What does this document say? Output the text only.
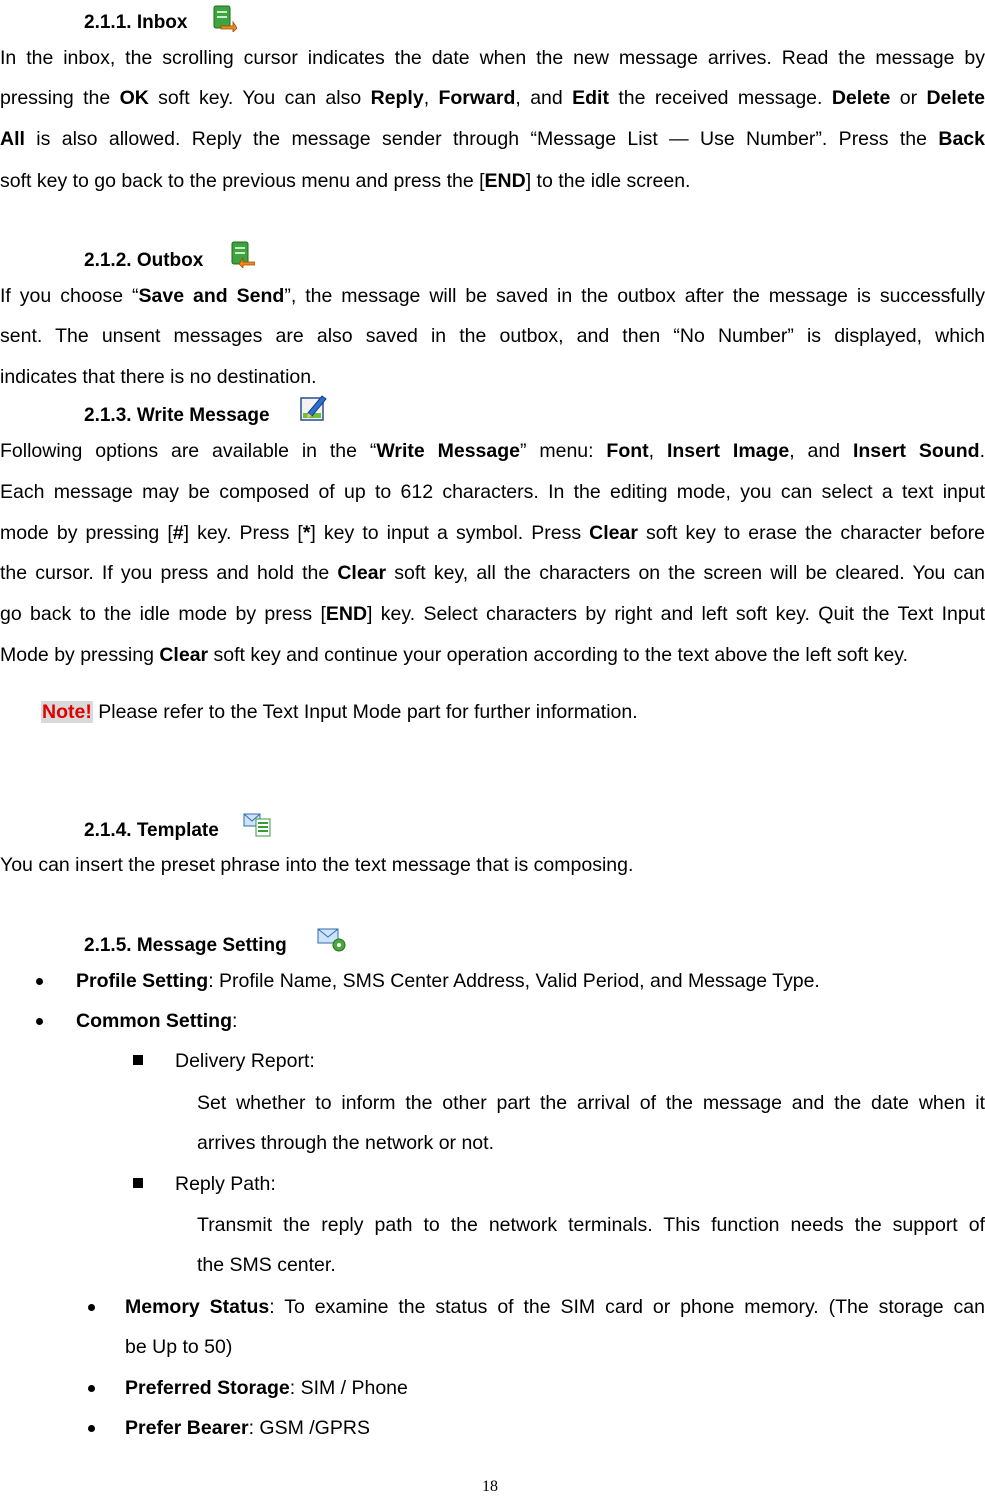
2.1.1. Inbox
In the inbox, the scrolling cursor indicates the date when the new message arrives. Read the message by
pressing the OK soft key. You can also Reply, Forward, and Edit the received message. Delete or Delete
All is also allowed. Reply the message sender through “Message List — Use Number”. Press the Back
soft key to go back to the previous menu and press the [END] to the idle screen.
2.1.2. Outbox
If you choose “Save and Send”, the message will be saved in the outbox after the message is successfully
sent. The unsent messages are also saved in the outbox, and then “No Number” is displayed, which
indicates that there is no destination.
2.1.3. Write Message
Following options are available in the “Write Message” menu: Font, Insert Image, and Insert Sound.
Each message may be composed of up to 612 characters. In the editing mode, you can select a text input
mode by pressing [#] key. Press [*] key to input a symbol. Press Clear soft key to erase the character before
the cursor. If you press and hold the Clear soft key, all the characters on the screen will be cleared. You can
go back to the idle mode by press [END] key. Select characters by right and left soft key. Quit the Text Input
Mode by pressing Clear soft key and continue your operation according to the text above the left soft key.
Note! Please refer to the Text Input Mode part for further information.
2.1.4. Template
You can insert the preset phrase into the text message that is composing.
2.1.5. Message Setting
Profile Setting: Profile Name, SMS Center Address, Valid Period, and Message Type.
Common Setting:
Delivery Report:
Set whether to inform the other part the arrival of the message and the date when it
arrives through the network or not.
Reply Path:
Transmit the reply path to the network terminals. This function needs the support of
the SMS center.
Memory Status: To examine the status of the SIM card or phone memory. (The storage can
be Up to 50)
Preferred Storage: SIM / Phone
Prefer Bearer: GSM /GPRS
18
